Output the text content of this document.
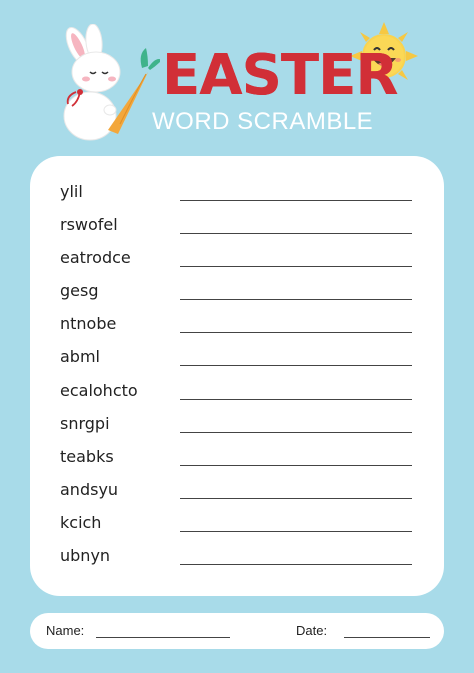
EASTER
WORD SCRAMBLE
ylil
rswofel
eatrodce
gesg
ntnobe
abml
ecalohcto
snrgpi
teabks
andsyu
kcich
ubnyn
Name:	Date:
